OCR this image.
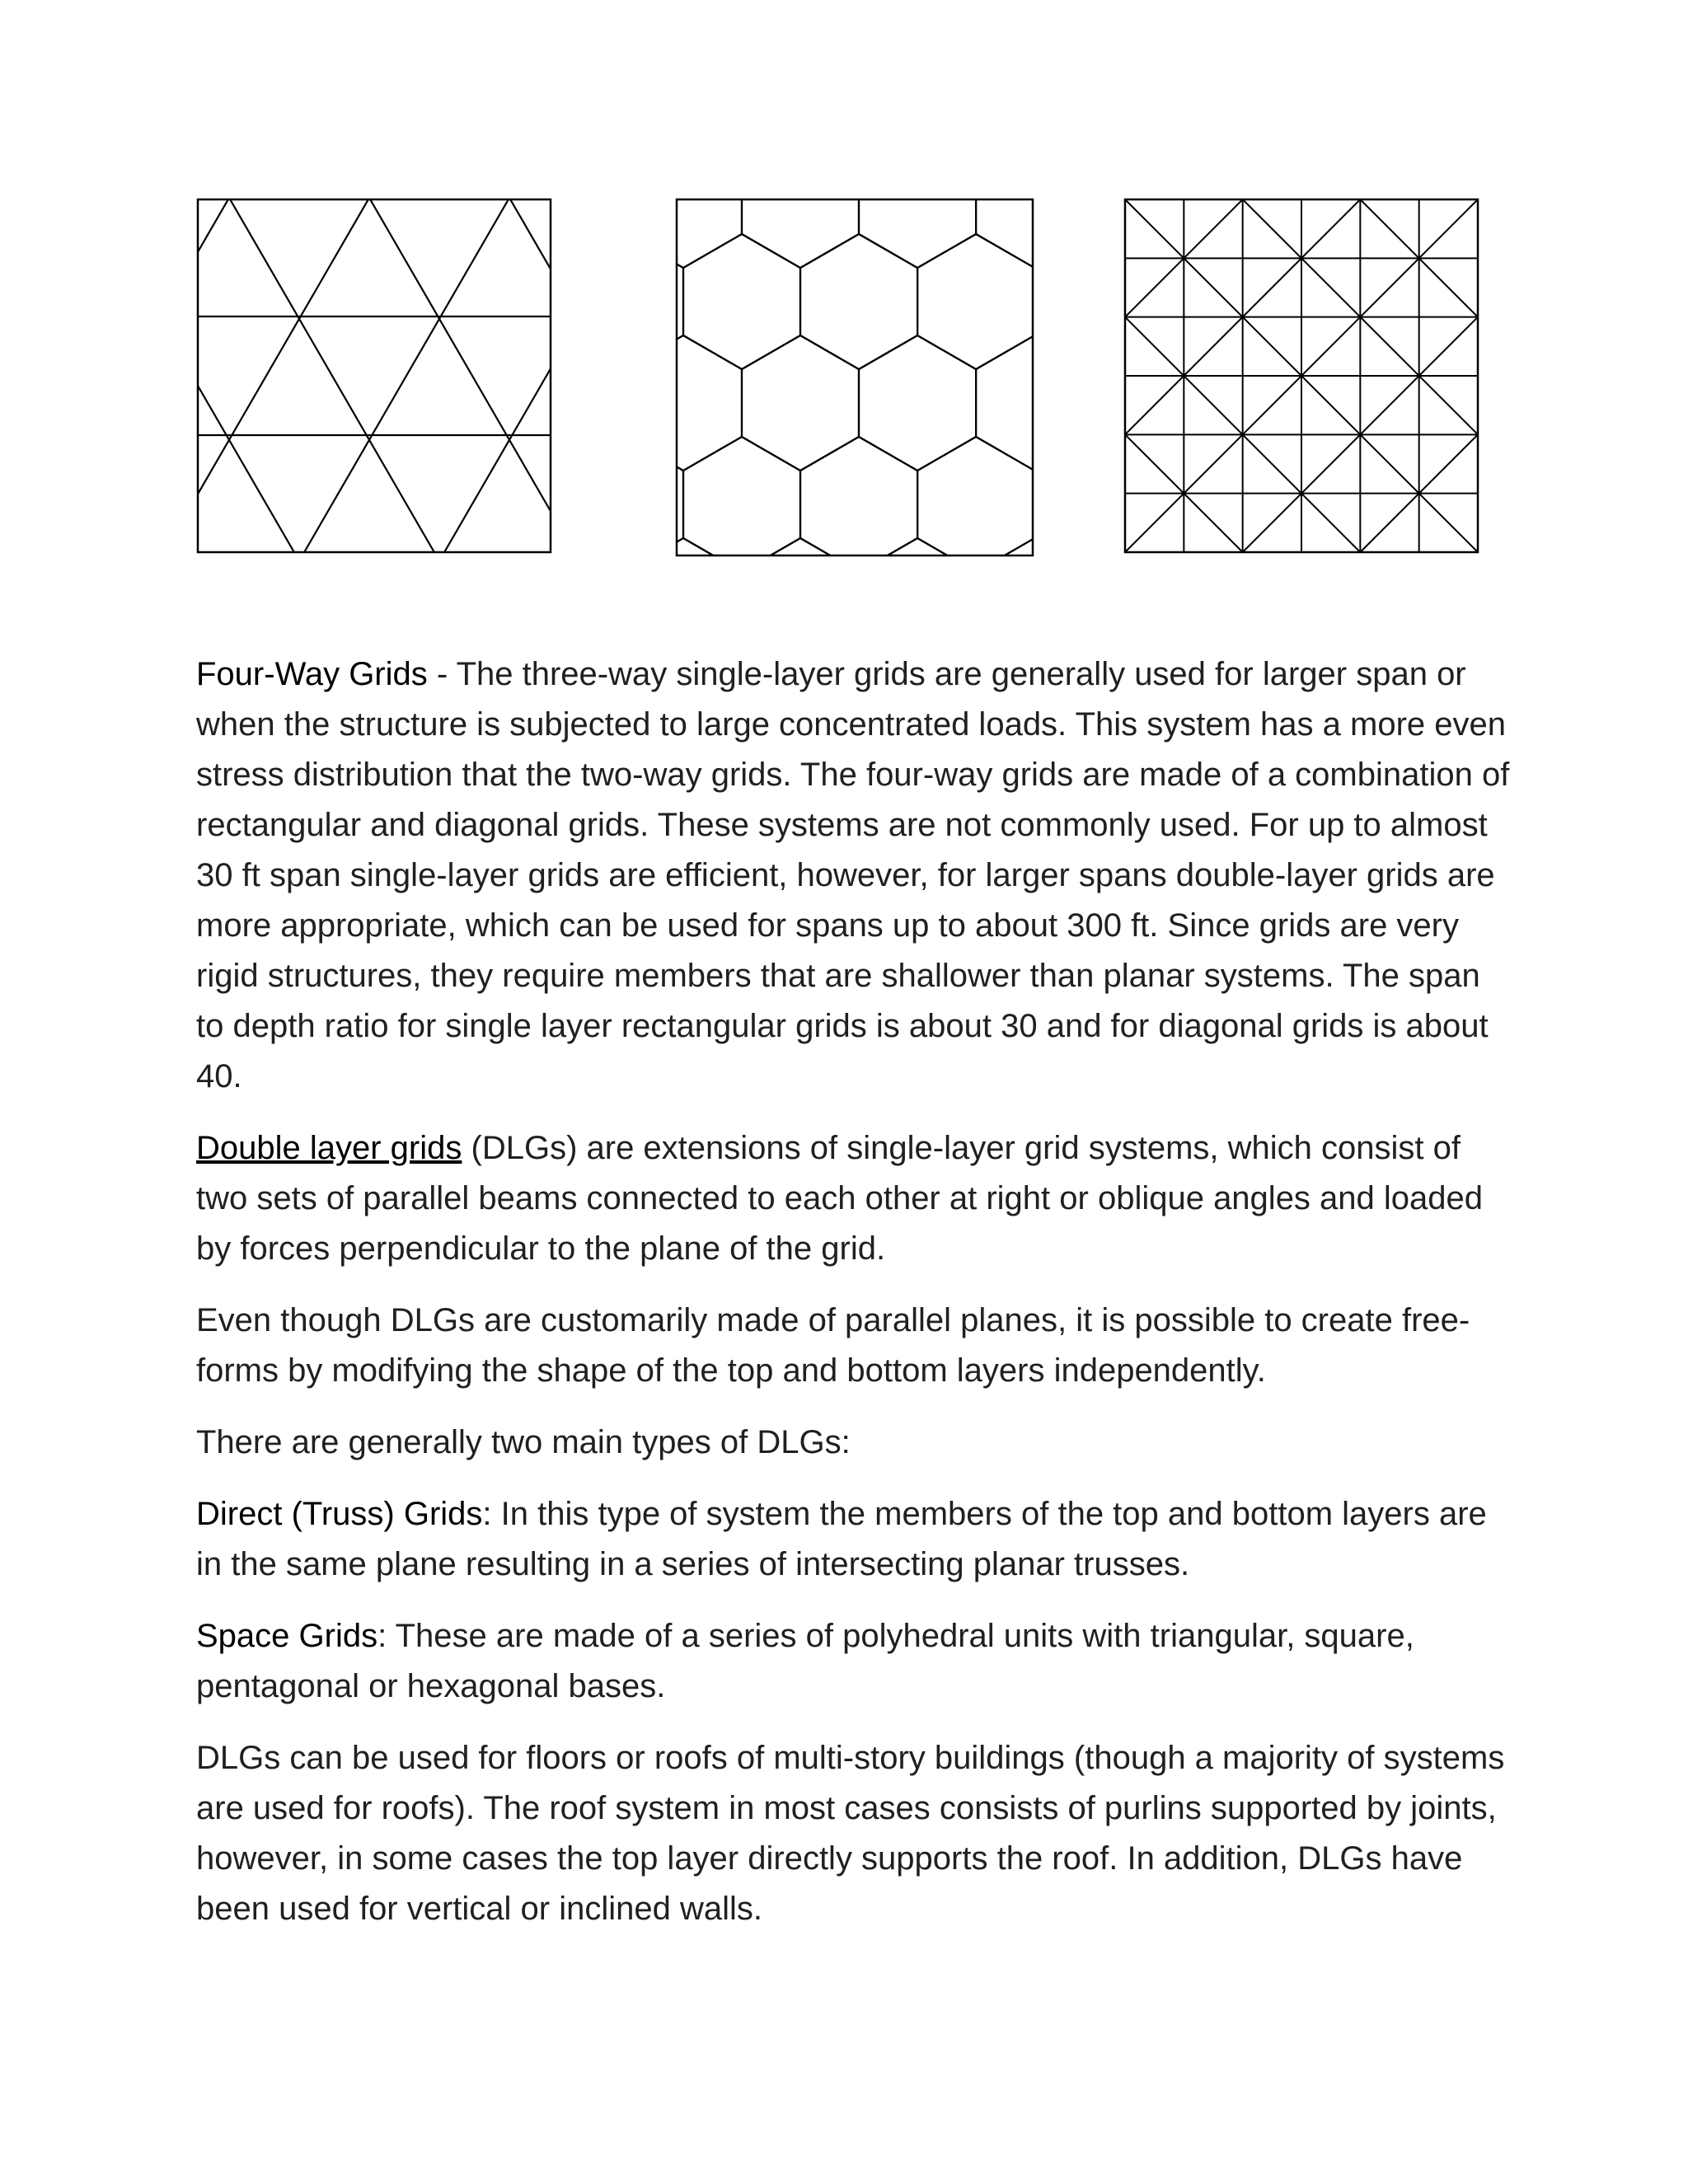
Four-Way Grids - The three-way single-layer grids are generally used for larger span or when the structure is subjected to large concentrated loads. This system has a more even stress distribution that the two-way grids. The four-way grids are made of a combination of rectangular and diagonal grids. These systems are not commonly used. For up to almost 30 ft span single-layer grids are efficient, however, for larger spans double-layer grids are more appropriate, which can be used for spans up to about 300 ft. Since grids are very rigid structures, they require members that are shallower than planar systems. The span to depth ratio for single layer rectangular grids is about 30 and for diagonal grids is about 40.

Double layer grids (DLGs) are extensions of single-layer grid systems, which consist of two sets of parallel beams connected to each other at right or oblique angles and loaded by forces perpendicular to the plane of the grid.

Even though DLGs are customarily made of parallel planes, it is possible to create free-forms by modifying the shape of the top and bottom layers independently.

There are generally two main types of DLGs:

Direct (Truss) Grids: In this type of system the members of the top and bottom layers are in the same plane resulting in a series of intersecting planar trusses.

Space Grids: These are made of a series of polyhedral units with triangular, square, pentagonal or hexagonal bases.

DLGs can be used for floors or roofs of multi-story buildings (though a majority of systems are used for roofs). The roof system in most cases consists of purlins supported by joints, however, in some cases the top layer directly supports the roof. In addition, DLGs have been used for vertical or inclined walls.
